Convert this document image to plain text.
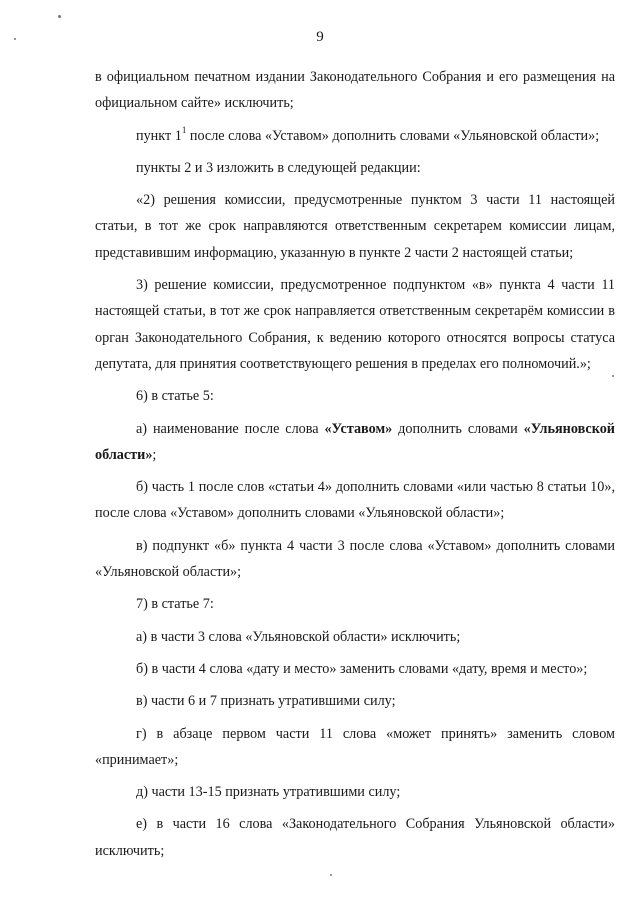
9

в официальном печатном издании Законодательного Собрания и его размещения на официальном сайте» исключить;

пункт $1^1$ после слова «Уставом» дополнить словами «Ульяновской области»;

пункты 2 и 3 изложить в следующей редакции:

«2) решения комиссии, предусмотренные пунктом 3 части 11 настоящей статьи, в тот же срок направляются ответственным секретарем комиссии лицам, представившим информацию, указанную в пункте 2 части 2 настоящей статьи;

3) решение комиссии, предусмотренное подпунктом «в» пункта 4 части 11 настоящей статьи, в тот же срок направляется ответственным секретарём комиссии в орган Законодательного Собрания, к ведению которого относятся вопросы статуса депутата, для принятия соответствующего решения в пределах его полномочий.»;

6) в статье 5:

а) наименование после слова «Уставом» дополнить словами «Ульяновской области»;

б) часть 1 после слов «статьи 4» дополнить словами «или частью 8 статьи 10», после слова «Уставом» дополнить словами «Ульяновской области»;

в) подпункт «б» пункта 4 части 3 после слова «Уставом» дополнить словами «Ульяновской области»;

7) в статье 7:

а) в части 3 слова «Ульяновской области» исключить;

б) в части 4 слова «дату и место» заменить словами «дату, время и место»;

в) части 6 и 7 признать утратившими силу;

г) в абзаце первом части 11 слова «может принять» заменить словом «принимает»;

д) части 13-15 признать утратившими силу;

е) в части 16 слова «Законодательного Собрания Ульяновской области» исключить;
